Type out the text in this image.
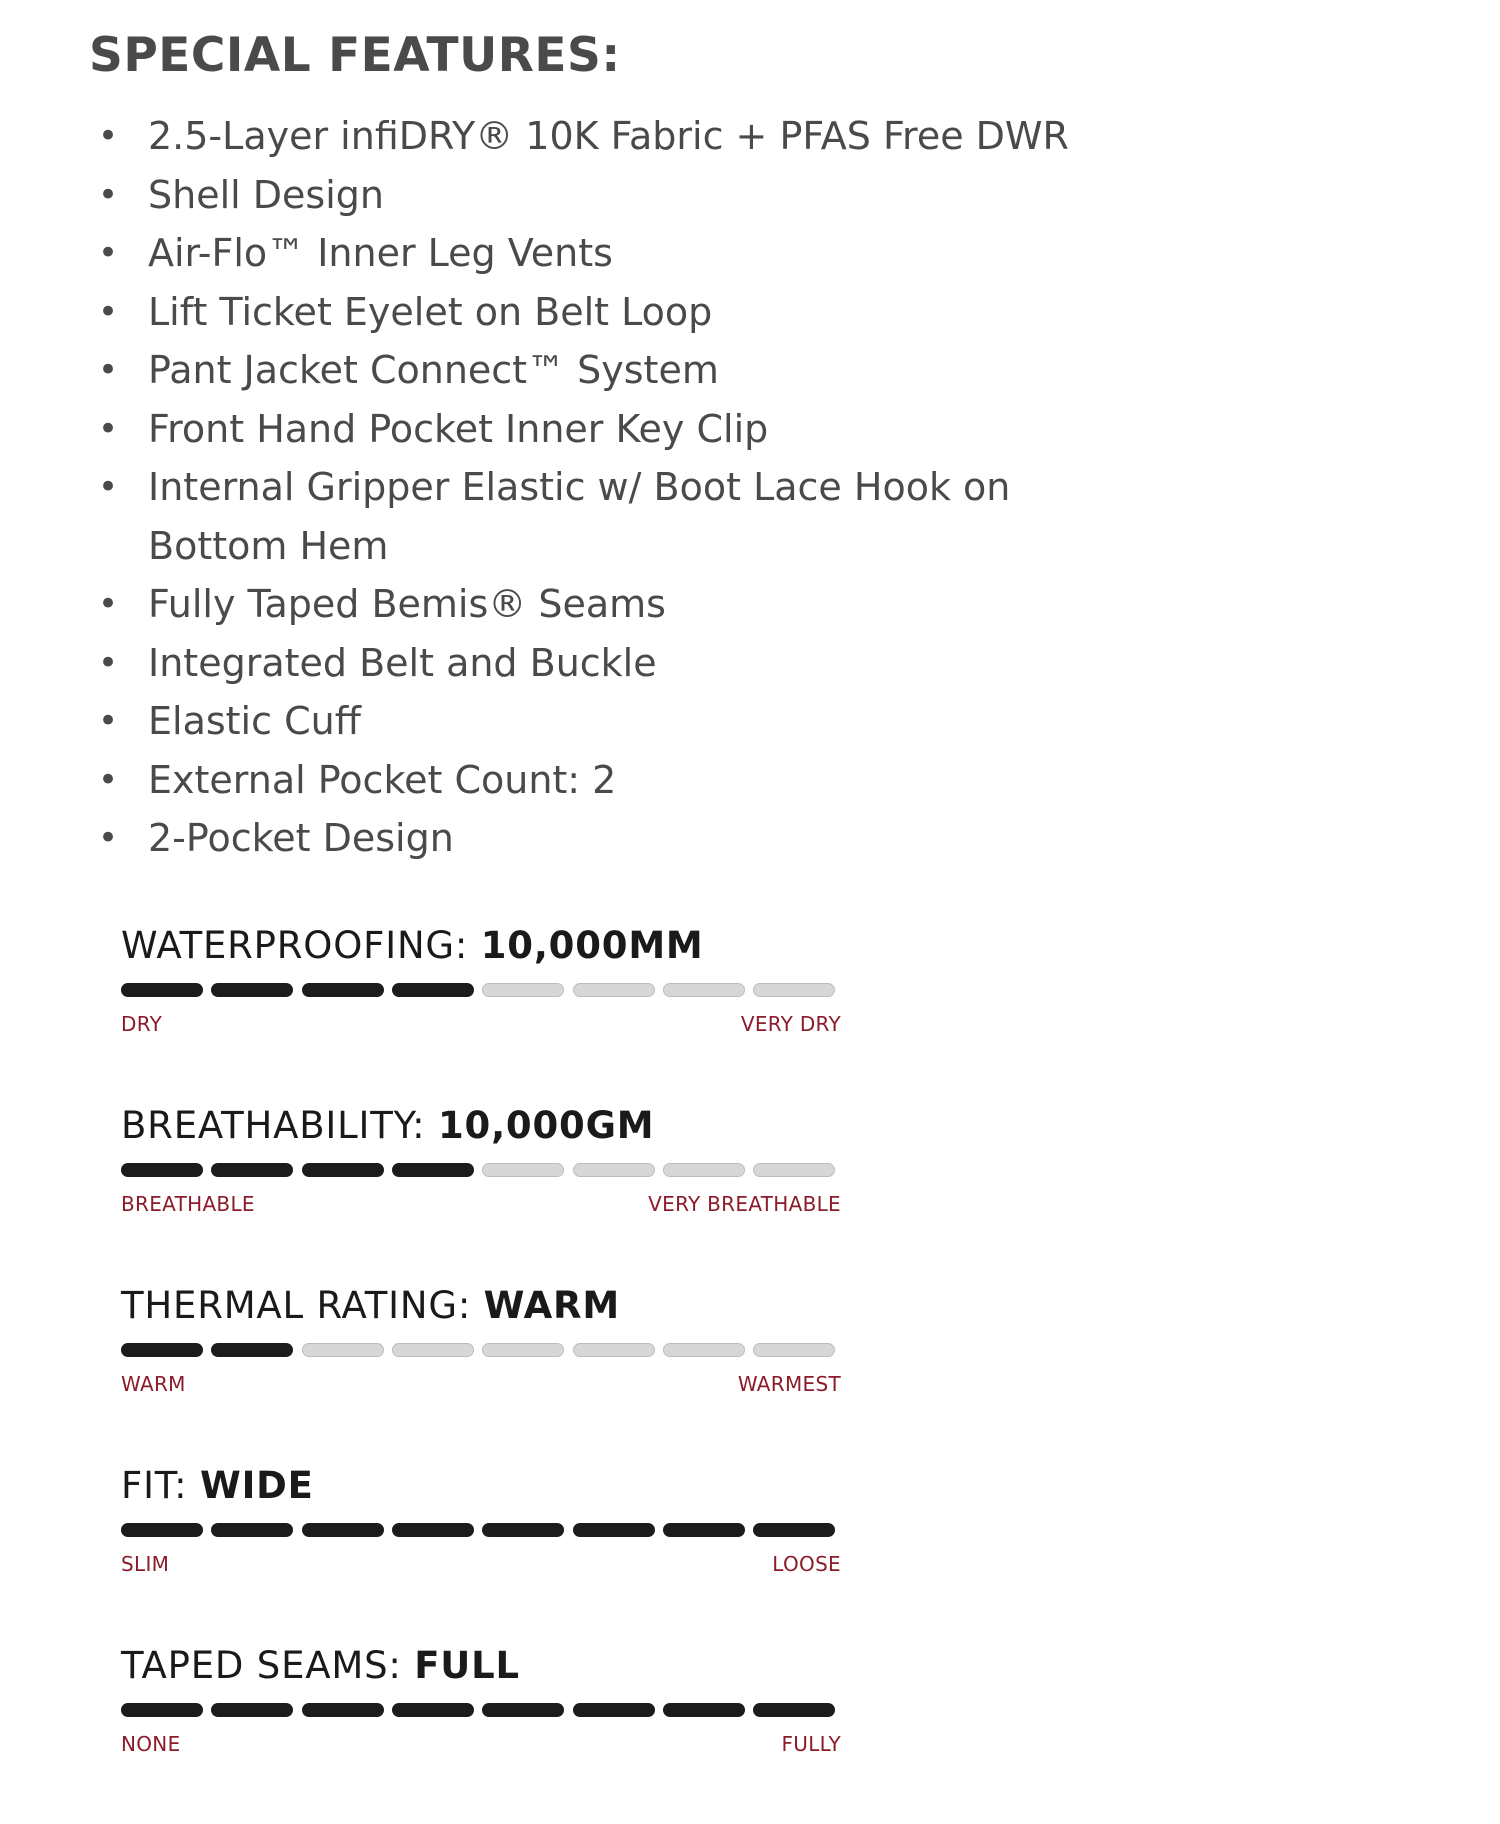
SPECIAL FEATURES:
• 2.5-Layer infiDRY® 10K Fabric + PFAS Free DWR
• Shell Design
• Air-Flo™ Inner Leg Vents
• Lift Ticket Eyelet on Belt Loop
• Pant Jacket Connect™ System
• Front Hand Pocket Inner Key Clip
• Internal Gripper Elastic w/ Boot Lace Hook on Bottom Hem
• Fully Taped Bemis® Seams
• Integrated Belt and Buckle
• Elastic Cuff
• External Pocket Count: 2
• 2-Pocket Design
WATERPROOFING: 10,000MM
DRY	VERY DRY
BREATHABILITY: 10,000GM
BREATHABLE	VERY BREATHABLE
THERMAL RATING: WARM
WARM	WARMEST
FIT: WIDE
SLIM	LOOSE
TAPED SEAMS: FULL
NONE	FULLY
